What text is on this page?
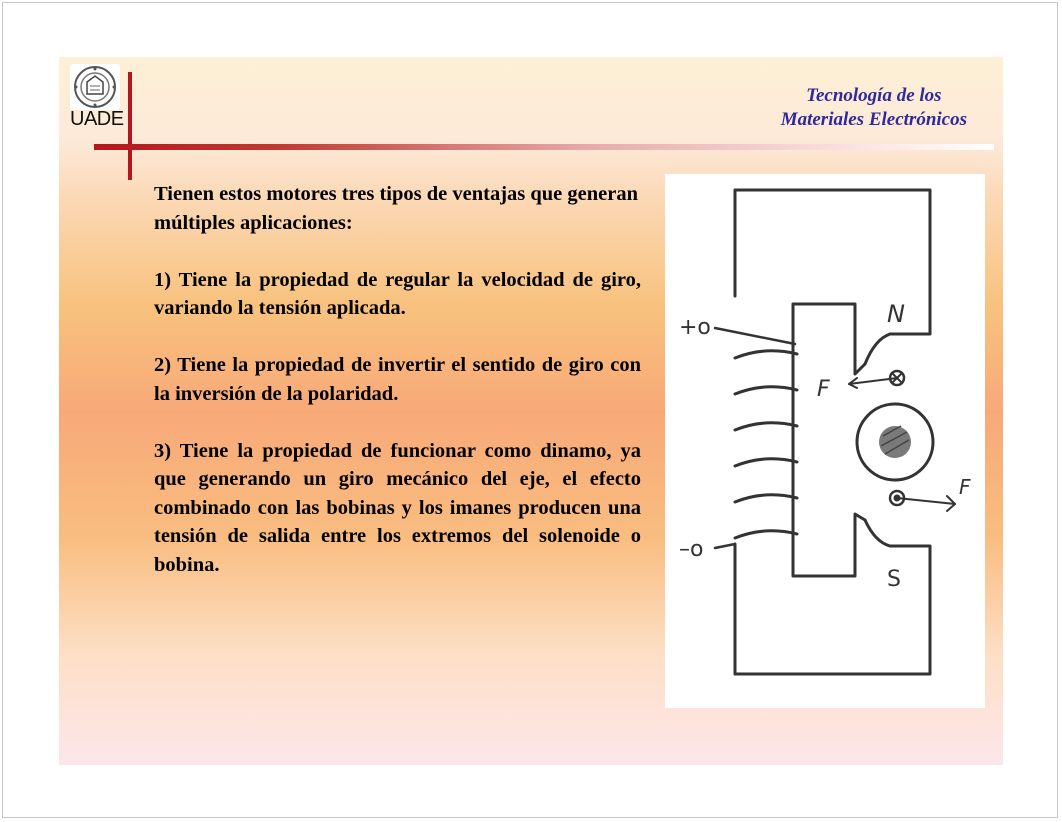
UADE
Tecnología de los
Materiales Electrónicos

Tienen estos motores tres tipos de ventajas que generan múltiples aplicaciones:

1) Tiene la propiedad de regular la velocidad de giro, variando la tensión aplicada.

2) Tiene la propiedad de invertir el sentido de giro con la inversión de la polaridad.

3) Tiene la propiedad de funcionar como dinamo, ya que generando un giro mecánico del eje, el efecto combinado con las bobinas y los imanes producen una tensión de salida entre los extremos del solenoide o bobina.

N
S
F
F
+o
–o
